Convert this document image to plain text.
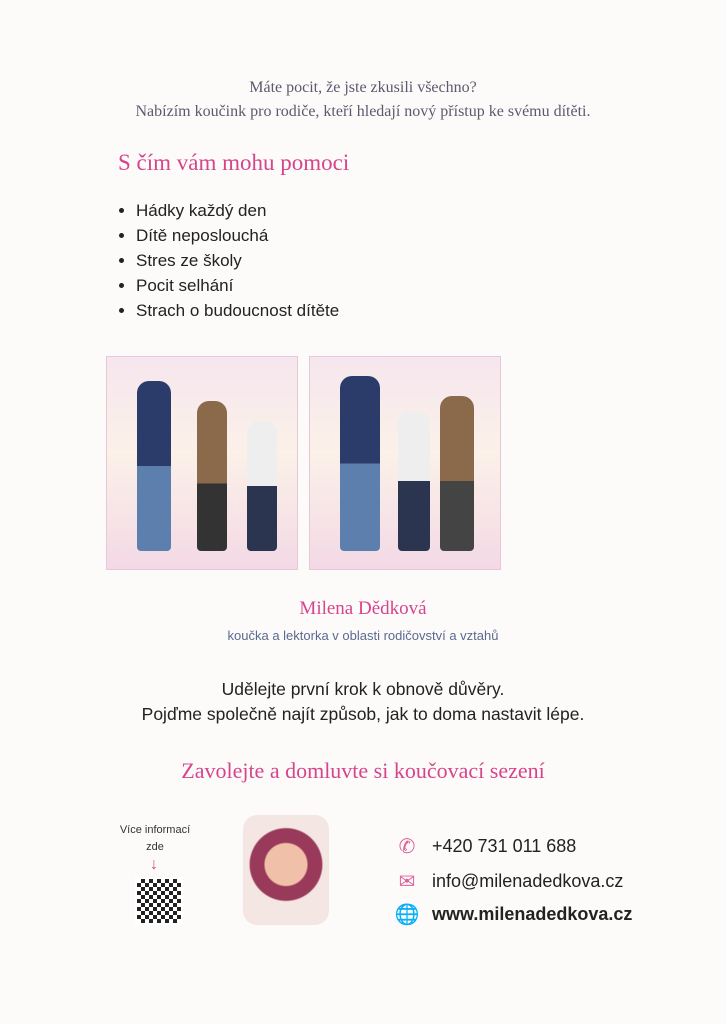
Máte pocit, že jste zkusili všechno?
Nabízím koučink pro rodiče, kteří hledají nový přístup ke svému dítěti.
S čím vám mohu pomoci
• Hádky každý den
• Dítě neposlouchá
• Stres ze školy
• Pocit selhání
• Strach o budoucnost dítěte
Milena Dědková
koučka a lektorka v oblasti rodičovství a vztahů
Udělejte první krok k obnově důvěry.
Pojďme společně najít způsob, jak to doma nastavit lépe.
Zavolejte a domluvte si koučovací sezení
Více informací
zde
↓
✆ +420 731 011 688
✉ info@milenadedkova.cz
🌐 www.milenadedkova.cz
